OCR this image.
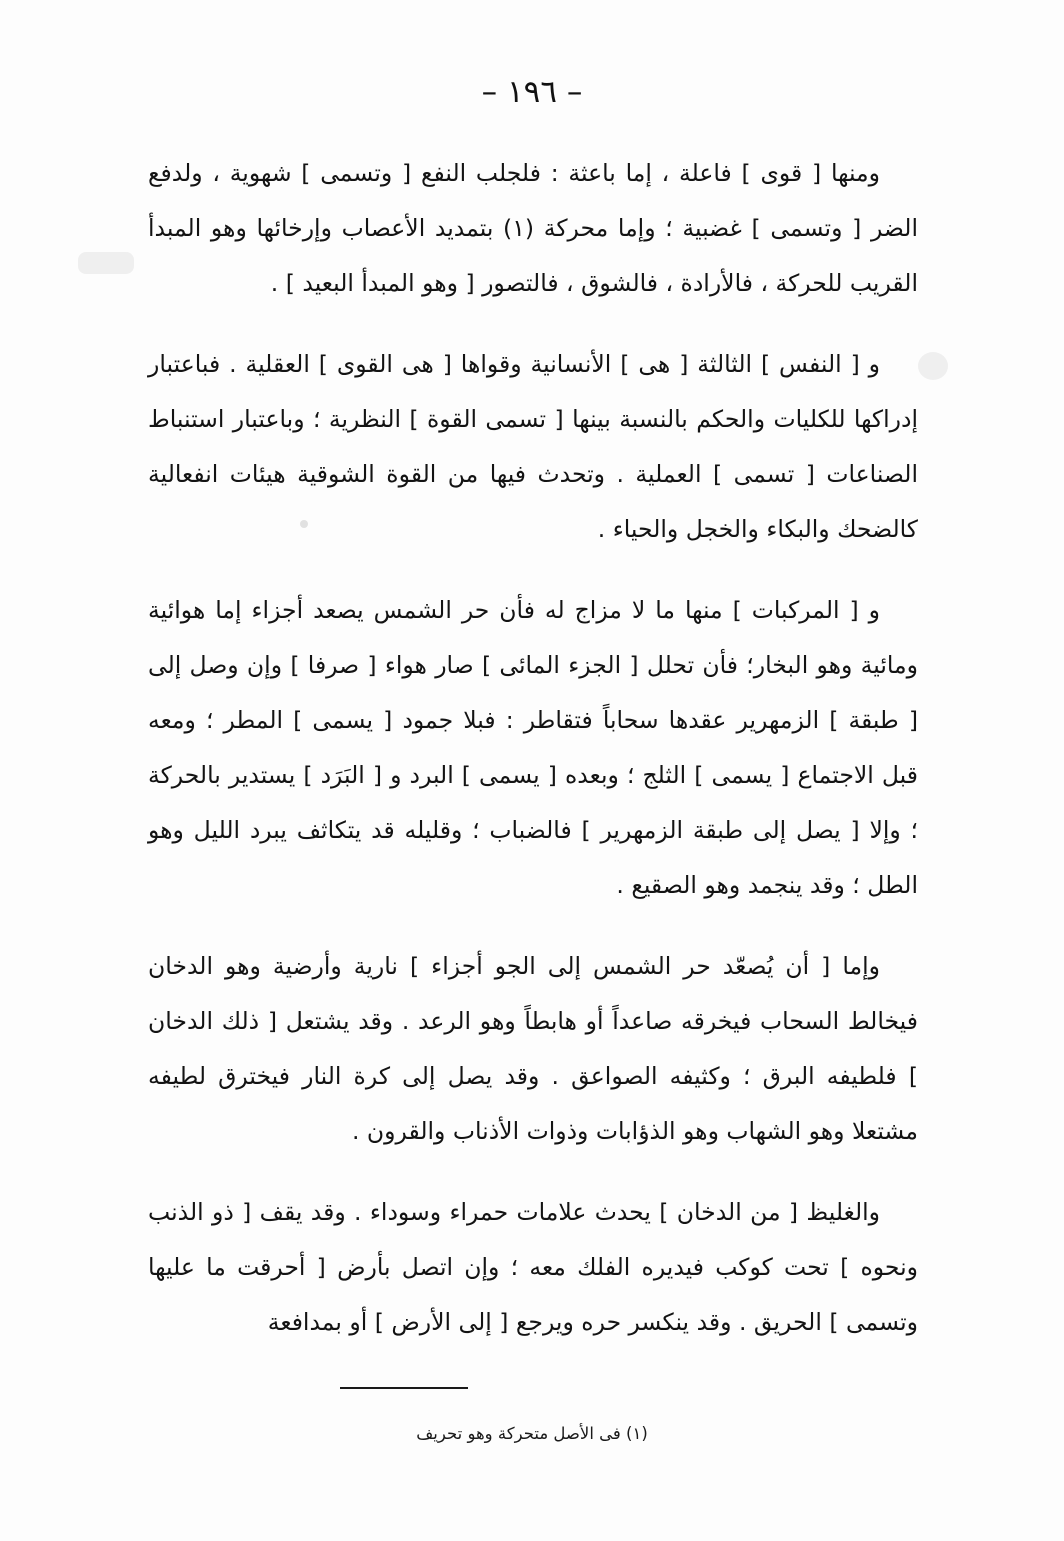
– ١٩٦ –

ومنها [ قوى ] فاعلة ، إما باعثة : فلجلب النفع [ وتسمى ] شهوية ، ولدفع الضر [ وتسمى ] غضبية ؛ وإما محركة (١) بتمديد الأعصاب وإرخائها وهو المبدأ القريب للحركة ، فالأرادة ، فالشوق ، فالتصور [ وهو المبدأ البعيد ] .

و [ النفس ] الثالثة [ هى ] الأنسانية وقواها [ هى القوى ] العقلية . فباعتبار إدراكها للكليات والحكم بالنسبة بينها [ تسمى القوة ] النظرية ؛ وباعتبار استنباط الصناعات [ تسمى ] العملية . وتحدث فيها من القوة الشوقية هيئات انفعالية كالضحك والبكاء والخجل والحياء .

و [ المركبات ] منها ما لا مزاج له فأن حر الشمس يصعد أجزاء إما هوائية ومائية وهو البخار؛ فأن تحلل [ الجزء المائى ] صار هواء [ صرفا ] وإن وصل إلى [ طبقة ] الزمهرير عقدها سحاباً فتقاطر : فبلا جمود [ يسمى ] المطر ؛ ومعه قبل الاجتماع [ يسمى ] الثلج ؛ وبعده [ يسمى ] البرد و [ البَرَد ] يستدير بالحركة ؛ وإلا [ يصل إلى طبقة الزمهرير ] فالضباب ؛ وقليله قد يتكاثف يبرد الليل وهو الطل ؛ وقد ينجمد وهو الصقيع .

وإما [ أن يُصعّد حر الشمس إلى الجو أجزاء ] نارية وأرضية وهو الدخان فيخالط السحاب فيخرقه صاعداً أو هابطاً وهو الرعد . وقد يشتعل [ ذلك الدخان ] فلطيفه البرق ؛ وكثيفه الصواعق . وقد يصل إلى كرة النار فيخترق لطيفه مشتعلا وهو الشهاب وهو الذؤابات وذوات الأذناب والقرون .

والغليظ [ من الدخان ] يحدث علامات حمراء وسوداء . وقد يقف [ ذو الذنب ونحوه ] تحت كوكب فيديره الفلك معه ؛ وإن اتصل بأرض [ أحرقت ما عليها وتسمى ] الحريق . وقد ينكسر حره ويرجع [ إلى الأرض ] أو بمدافعة

(١) فى الأصل متحركة وهو تحريف
